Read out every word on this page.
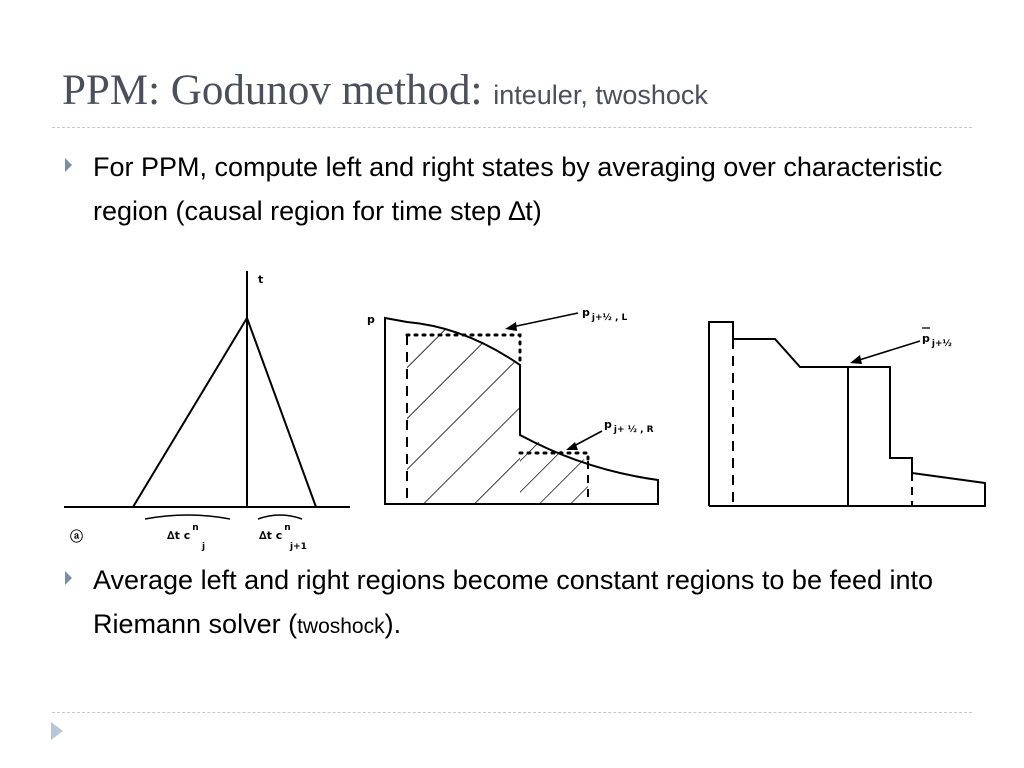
PPM: Godunov method: inteuler, twoshock
For PPM, compute left and right states by averaging over characteristic region (causal region for time step ∆t)
t
ⓐ	∆t $c^n$
j
∆t $c^n$
j+1
p
p $_{j+\frac{1}{2} , L}$
p $_{j+ \frac{1}{2} , R}$
p $_{j+\frac{1}{2}}$
Average left and right regions become constant regions to be feed into Riemann solver (twoshock).
